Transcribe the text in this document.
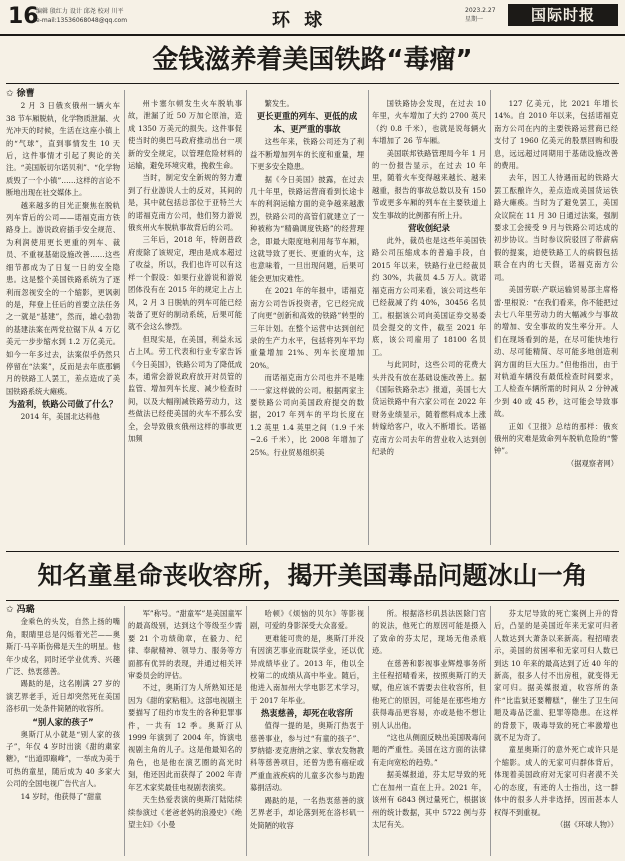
16
编辑 殷红力 设计 邱尧 校对 川平
e-mail:13536068048@qq.com	环 球	2023.2.27
星期一	国际时报
金钱滋养着美国铁路“毒瘤”

✩ 徐曹

2 月 3 日俄亥俄州一辆火车 38 节车厢脱轨，化学物质泄漏、火光冲天的时候，生活在这座小镇上的“气球”，直到事情发生 10 天后，这件事情才引起了舆论的关注。“美国版切尔诺贝利”、“化学物质毁了一个小镇”……这样的言论不断地出现在社交媒体上。

越来越多的目光正聚焦在脱轨列车背后的公司——诺福克南方铁路身上。游说政府插手安全规范、为利润使用更长更重的列车、裁员、不重视基础设施改善……这些细节都成为了日复一日的安全隐患。这是整个美国铁路系统为了逐利而忽视安全的一个缩影，更讽刺的是，拜登上任后的首要立法任务之一就是“基建”，然而，雄心勃勃的基建法案在两党拉锯下从 4 万亿美元一步步缩水到 1.2 万亿美元。如今一年多过去，法案似乎仍然只停留在“法案”，反而是去年底那辆月的铁路工人罢工，差点造成了美国铁路系统大瘫痪。

为盈利，铁路公司做了什么？

2014 年，美国北达科他

州卡塞尔顿发生火车脱轨事故，泄漏了近 50 万加仑原油，造成 1350 万美元的损失。这件事促使当时的奥巴马政府推动出台一项新的安全规定，以管理危险材料的运输，避免环境灾难，挽救生命。

当时，制定安全新规的努力遭到了行业游说人士的反对，其间的是，其中就包括总部位于亚特兰大的诺福克南方公司，他们努力游说俄亥州火车脱轨事故背后的公司。

三年后，2018 年，特朗普政府废除了该规定，理由是成本超过了收益，所以，我们也许可以有这样一个假设：如果行业游说和游说团体没有在 2015 年的规定上占上风，2 月 3 日脱轨的列车可能已经装备了更好的制动系统，后果可能就不会这么惨烈。

但现实是，在美国，利益永远占上风。劳工代表和行业专家告诉《今日美国》，铁路公司为了降低成本，通常会游说政府放开对员管的监管、增加列车长度、减少检查时间，以及大幅削减铁路劳动力，这些做法已经使美国的火车不那么安全，会导致俄亥俄州这样的事故更加频

繁发生。

更长更重的列车、更低的成本、更严重的事故

这些年来，铁路公司还为了利益不断增加列车的长度和重量，埋下更多安全隐患。

据《今日美国》披露，在过去几十年里，铁路运营商看到长途卡车的利润运输方面的竞争越来越激烈，铁路公司的高管们就建立了一种被称为“精确调度铁路”的经营理念，即最大限度地利用每节车厢，这就导致了更长、更重的火车，这也意味着，一旦出现问题，后果可能会更加灾难性。

在 2021 年的年报中，诺福克南方公司告诉投资者，它已经完成了向更“创新和高效的铁路”转型的三年计划。在整个运营中达到创纪录的生产力水平，包括将列车平均重量增加 21%、列车长度增加 20%。

而诺福克南方公司也并不是唯一一家这样做的公司。根据两家主要铁路公司向美国政府提交的数据，2017 年列车的平均长度在 1.2 英里 1.4 英里之间（1.9 千米~2.6 千米），比 2008 年增加了 25%。行业贸易组织美

国铁路协会发现，在过去 10 年里，火车增加了大约 2700 英尺（约 0.8 千米），也就是说每辆火车增加了 26 节车厢。

美国联邦铁路管理局今年 1 月的一份报告显示，在过去 10 年里，随着火车变得越来越长、越来越重，报告的事故总数以及有 150 节或更多车厢的列车在主要铁道上发生事故的比例都有所上升。

营收创纪录

此外，裁员也是这些年美国铁路公司压缩成本的普遍手段，自 2015 年以来，铁路行业已经裁员约 30%，共裁员 4.5 万人。就诺福克南方公司来看，该公司这些年已经裁减了约 40%，30456 名员工。根据该公司向美国证券交易委员会提交的文件，截至 2021 年底，该公司雇用了 18100 名员工。

与此同时，这些公司的花费大头并没有放在基础设施改善上。据《国际铁路杂志》报道，美国七大货运铁路中有六家公司在 2022 年财务业绩显示，随着燃料成本上涨转嫁给客户，收入不断增长。诺福克南方公司去年的营业收入达到创纪录的

127 亿美元，比 2021 年增长 14%。自 2010 年以来，包括诺福克南方公司在内的主要铁路运营商已经支付了 1960 亿美元的股票回购和股息，远远超过同期用于基础设施改善的费用。

去年，因工人待遇而起的铁路大罢工酝酿许久，差点造成美国货运铁路大瘫痪。当时为了避免罢工，美国众议院在 11 月 30 日通过法案，强制要求工会接受 9 月与铁路公司达成的初步协议。当时参议院驳回了带薪病假的提案，迫使铁路工人的病假包括联合在内的七天假，诺福克南方公司。

美国劳联·产联运输贸易部主席格雷·里根说：“在我们看来，你不能把过去七八年里劳动力的大幅减少与事故的增加、安全事故的发生率分开。人们在现场看到的是，在尽可能快地行动、尽可能精简、尽可能多地创造利润方面的巨大压力。”但他指出，由于对轨道车辆没有最低检查时间要求，工人检查车辆所需的时间从 2 分钟减少到 40 或 45 秒，这可能会导致事故。

正如《卫报》总结的那样：俄亥俄州的灾难是致命列车脱轨危险的“警钟”。

（据观察者网）

知名童星命丧收容所，揭开美国毒品问题冰山一角

✩ 冯璐

金乘色的头发，自然上扬的嘴角，眼睛里总是闪烁着光芒——奥斯汀·马辛斯伤佛是天生的明星。他年少成名，同时还学业优秀、兴趣广泛、热衷慈善。

踢跶的是，这名刚满 27 岁的演艺界老手，近日却突然死在美国洛杉矶一处条件简陋的收容所。

“别人家的孩子”

奥斯汀从小就是“别人家的孩子”，年仅 4 岁时出演《甜的粛家糖》，“出道即巅峰”，一举成为美于可热的童星，随后成为 40 多家大公司的全国电视广告代言人。

14 岁时，他获得了“甜童

军”称号。“甜童军”是美国童军的最高级别，达到这个等级至少需要 21 个功绩勋章，在毅力、纪律、奉献精神、领导力、服务等方面都有优异的表现，并通过相关评审委员会的评估。

不过，奥斯汀为人所熟知还是因为《甜的家粘粗》。这部电视剧主要描写了纽约市发生的各种犯罪事件，一共有 12 季。奥斯汀从 1999 年演到了 2004 年，饰演电视剧主角的儿子。这是他最知名的角色，也是他在演艺圈的高光时刻，他还因此而获得了 2002 年青年艺术家奖最佳电视剧表演奖。

天生热爱表演的奥斯汀陆陆续续参演过《老爸老妈的浪漫史》《绝望主妇》《小曼

哈顿》《烦恼的贝尔》等影视剧，可爱的身影深受大众喜爱。

更难能可贵的是，奥斯汀并没有因演艺事业而耽误学业，还以优异成绩毕业了。2013 年，他以全校第二的成绩从高中毕业。随后，他进入南加州大学电影艺术学习，于 2017 年毕业。

热衷慈善，却死在收容所

值得一提的是，奥斯汀热衷于慈善事业，参与过“有童的孩子”、罗纳德·麦克唐纳之家、掌农发物教科等慈善项目，还曾为患有癌症或严重血液疾病的儿童多次参与助跑募捐活动。

踢跶的是，一名热衷慈善的演艺界老手，却论落到死在洛杉矶一处简陋的收容

所。根据洛杉矶县法医除门官的说法，他死亡的原因可能是摄入了致命的芬太尼，现场无他杀痕迹。

在慈善和影视事业辉煌事务所主任程招晴看来，按照奥斯汀的天赋，他应该不需要去住收容所，但他死亡的原因，可能是在那些地方获得毒品更容易，亦或是他不想让别人认出他。

“这也从侧面反映出美国吸毒问题的严重性。美国在这方面的法律有走向宽松的趋势。”

据美媒报道，芬太尼导致的死亡在加州一直在上升。2021 年，该州有 6843 例过量死亡，根据该州的统计数据，其中 5722 例与芬太尼有关。

芬太尼导致的死亡案例上升的背后，凸显的是美国近年来无家可归者人数达到大萧条以来新高。程招晴表示，美国的贫困率和无家可归人数已到达 10 年来的最高达到了近 40 年的新高，很多人付不出房租，就变得无家可归。据美媒报道，收容所的条件“比监狱还要糟糕”，催生了卫生问题及毒品泛滥、犯罪等隐患。在这样的背景下，吸毒导致的死亡率激增也就不足为奇了。

童星奥斯汀的意外死亡或许只是个缩影。成人的无家可归群体背后，体现着美国政府对无家可归者漠不关心的态度，有迹的人士指出，这一群体中的很多人并非选择，因而甚本人权得不到重视。

（据《环球人物》）
